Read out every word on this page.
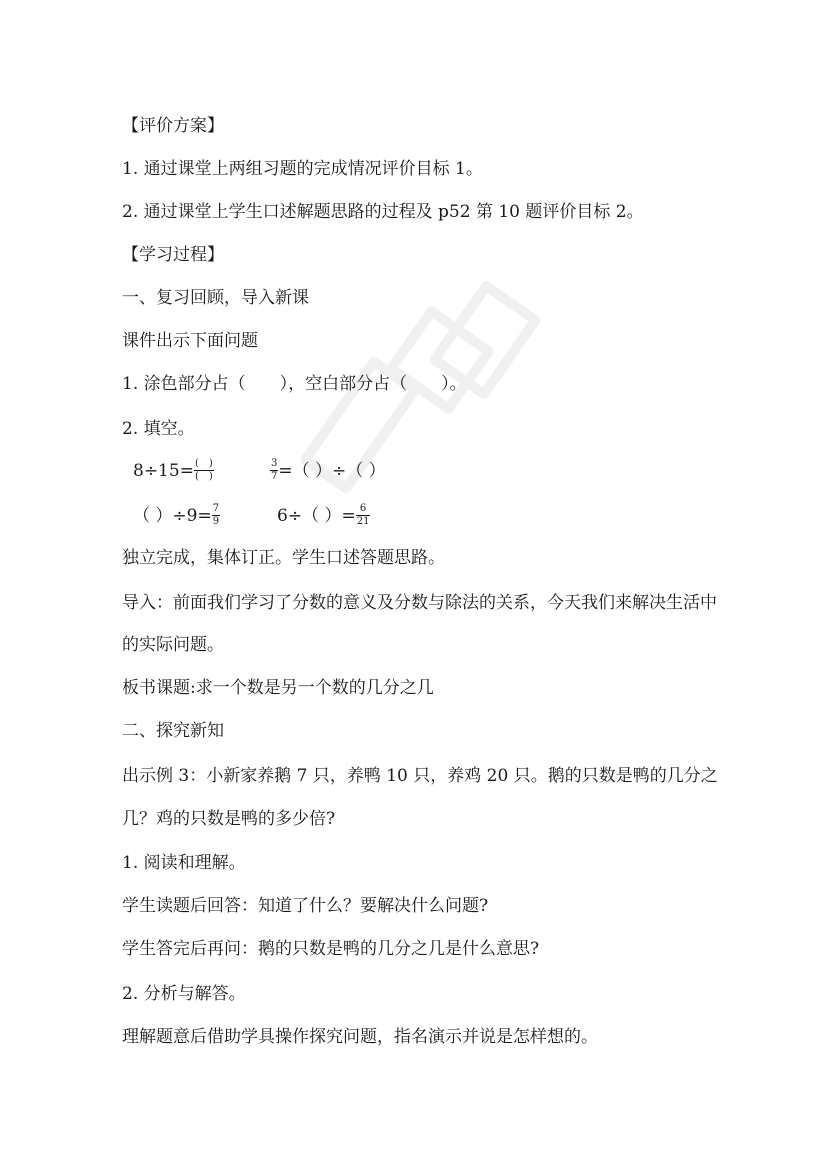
【评价方案】
1. 通过课堂上两组习题的完成情况评价目标 1。
2. 通过课堂上学生口述解题思路的过程及 p52 第 10 题评价目标 2。
【学习过程】
一、复习回顾，导入新课
课件出示下面问题
1. 涂色部分占（　　），空白部分占（　　）。
2. 填空。
$8\div 15= \frac{( )}{( )}$	$\frac{3}{7}$ =（ ）÷（ ）
（ ）$\div 9= \frac{7}{9}$	6÷（ ）= $\frac{6}{21}$
独立完成，集体订正。学生口述答题思路。
导入：前面我们学习了分数的意义及分数与除法的关系，今天我们来解决生活中
的实际问题。
板书课题:求一个数是另一个数的几分之几
二、探究新知
出示例 3：小新家养鹅 7 只，养鸭 10 只，养鸡 20 只。鹅的只数是鸭的几分之
几？鸡的只数是鸭的多少倍?
1. 阅读和理解。
学生读题后回答：知道了什么？要解决什么问题?
学生答完后再问：鹅的只数是鸭的几分之几是什么意思?
2. 分析与解答。
理解题意后借助学具操作探究问题，指名演示并说是怎样想的。
